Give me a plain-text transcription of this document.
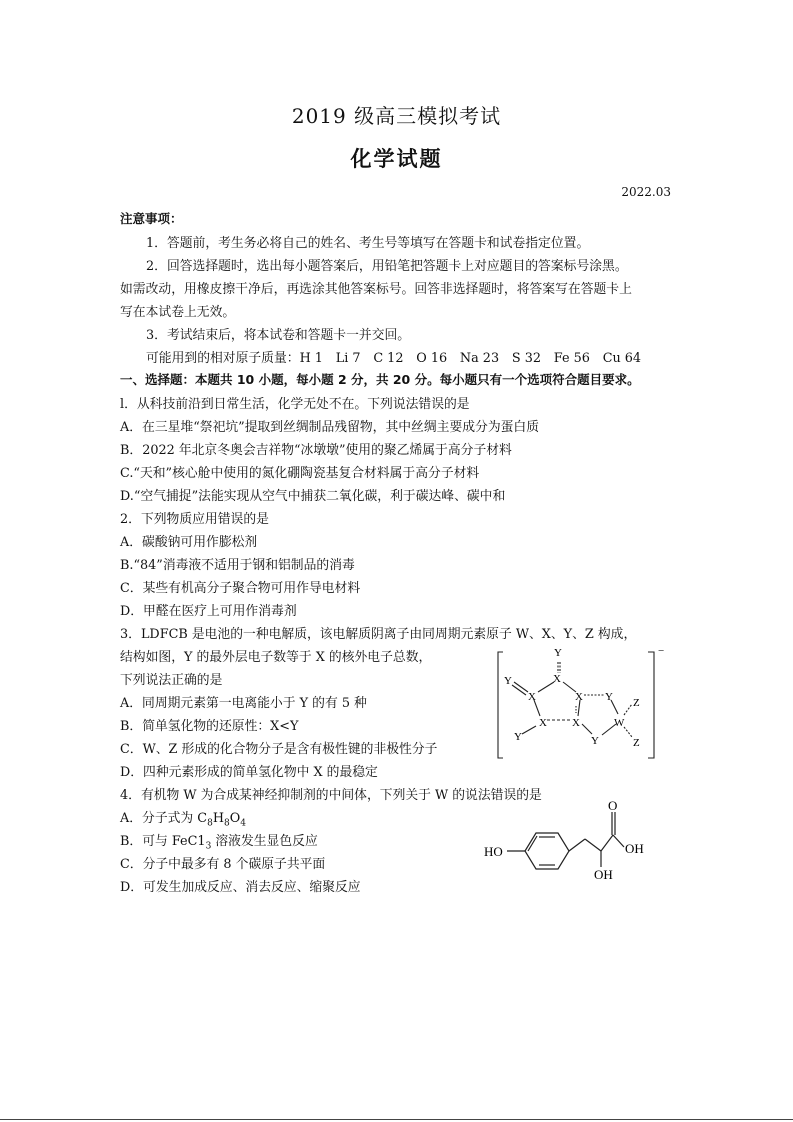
2019 级高三模拟考试
化学试题
2022.03
注意事项：
1．答题前，考生务必将自己的姓名、考生号等填写在答题卡和试卷指定位置。
2．回答选择题时，选出每小题答案后，用铅笔把答题卡上对应题目的答案标号涂黑。
如需改动，用橡皮擦干净后，再选涂其他答案标号。回答非选择题时，将答案写在答题卡上
写在本试卷上无效。
3．考试结束后，将本试卷和答题卡一并交回。
可能用到的相对原子质量：H 1　Li 7　C 12　O 16　Na 23　S 32　Fe 56　Cu 64
一、选择题：本题共 10 小题，每小题 2 分，共 20 分。每小题只有一个选项符合题目要求。
l．从科技前沿到日常生活，化学无处不在。下列说法错误的是
A．在三星堆“祭祀坑”提取到丝绸制品残留物，其中丝绸主要成分为蛋白质
B．2022 年北京冬奥会吉祥物“冰墩墩”使用的聚乙烯属于高分子材料
C.“天和”核心舱中使用的氮化硼陶瓷基复合材料属于高分子材料
D.“空气捕捉”法能实现从空气中捕获二氧化碳，利于碳达峰、碳中和
2．下列物质应用错误的是
A．碳酸钠可用作膨松剂
B.“84”消毒液不适用于钢和铝制品的消毒
C．某些有机高分子聚合物可用作导电材料
D．甲醛在医疗上可用作消毒剂
3．LDFCB 是电池的一种电解质，该电解质阴离子由同周期元素原子 W、X、Y、Z 构成，
结构如图，Y 的最外层电子数等于 X 的核外电子总数，
下列说法正确的是
A．同周期元素第一电离能小于 Y 的有 5 种
B．简单氢化物的还原性：X<Y
C．W、Z 形成的化合物分子是含有极性键的非极性分子
D．四种元素形成的简单氢化物中 X 的最稳定
Y
X
Y
X	X Y
X X
Y	Y
W
Z
Z
−
4．有机物 W 为合成某神经抑制剂的中间体，下列关于 W 的说法错误的是
A．分子式为 $C_8H_8O_4$
B．可与 $FeC1_3$ 溶液发生显色反应
C．分子中最多有 8 个碳原子共平面
D．可发生加成反应、消去反应、缩聚反应
HO
O
OH
OH
